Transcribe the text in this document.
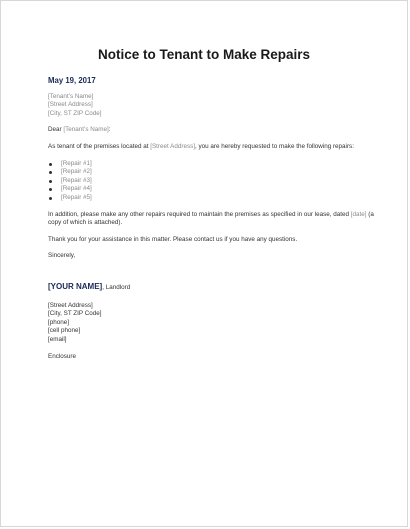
Notice to Tenant to Make Repairs
May 19, 2017
[Tenant’s Name]
[Street Address]
[City, ST ZIP Code]
Dear [Tenant’s Name]:
As tenant of the premises located at [Street Address], you are hereby requested to make the following repairs:
[Repair #1]
[Repair #2]
[Repair #3]
[Repair #4]
[Repair #5]
In addition, please make any other repairs required to maintain the premises as specified in our lease, dated [date] (a copy of which is attached).
Thank you for your assistance in this matter. Please contact us if you have any questions.
Sincerely,
[YOUR NAME], Landlord
[Street Address]
[City, ST ZIP Code]
[phone]
[cell phone]
[email]
Enclosure
